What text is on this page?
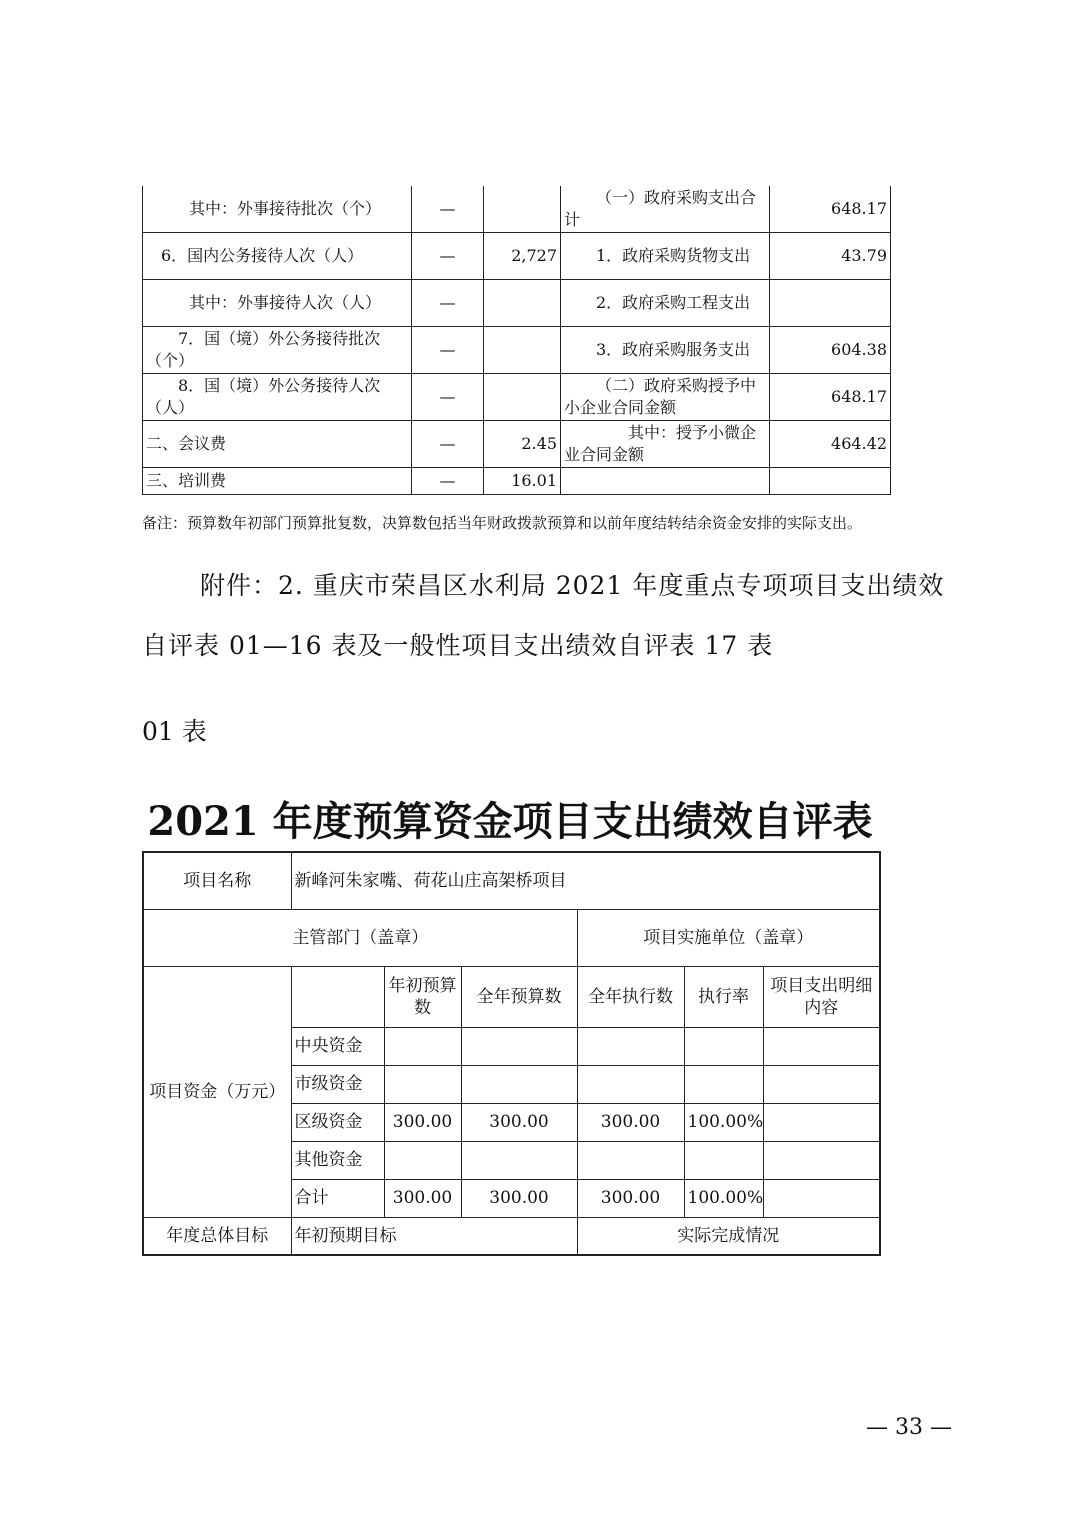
其中：外事接待批次（个）	—		（一）政府采购支出合计	648.17
6．国内公务接待人次（人）	—	2,727	1．政府采购货物支出	43.79
其中：外事接待人次（人）	—		2．政府采购工程支出	
7．国（境）外公务接待批次（个）	—		3．政府采购服务支出	604.38
8．国（境）外公务接待人次（人）	—		（二）政府采购授予中小企业合同金额	648.17
二、会议费	—	2.45	其中：授予小微企业合同金额	464.42
三、培训费	—	16.01		
备注：预算数年初部门预算批复数，决算数包括当年财政拨款预算和以前年度结转结余资金安排的实际支出。
附件：2. 重庆市荣昌区水利局 2021 年度重点专项项目支出绩效
自评表 01—16 表及一般性项目支出绩效自评表 17 表
01 表
2021 年度预算资金项目支出绩效自评表
项目名称	新峰河朱家嘴、荷花山庄高架桥项目					
主管部门（盖章）				项目实施单位（盖章）		
项目资金（万元）		年初预算数	全年预算数	全年执行数	执行率	项目支出明细内容
	中央资金					
	市级资金					
	区级资金	300.00	300.00	300.00	100.00%	
	其他资金					
	合计	300.00	300.00	300.00	100.00%	
年度总体目标	年初预期目标			实际完成情况		
— 33 —
